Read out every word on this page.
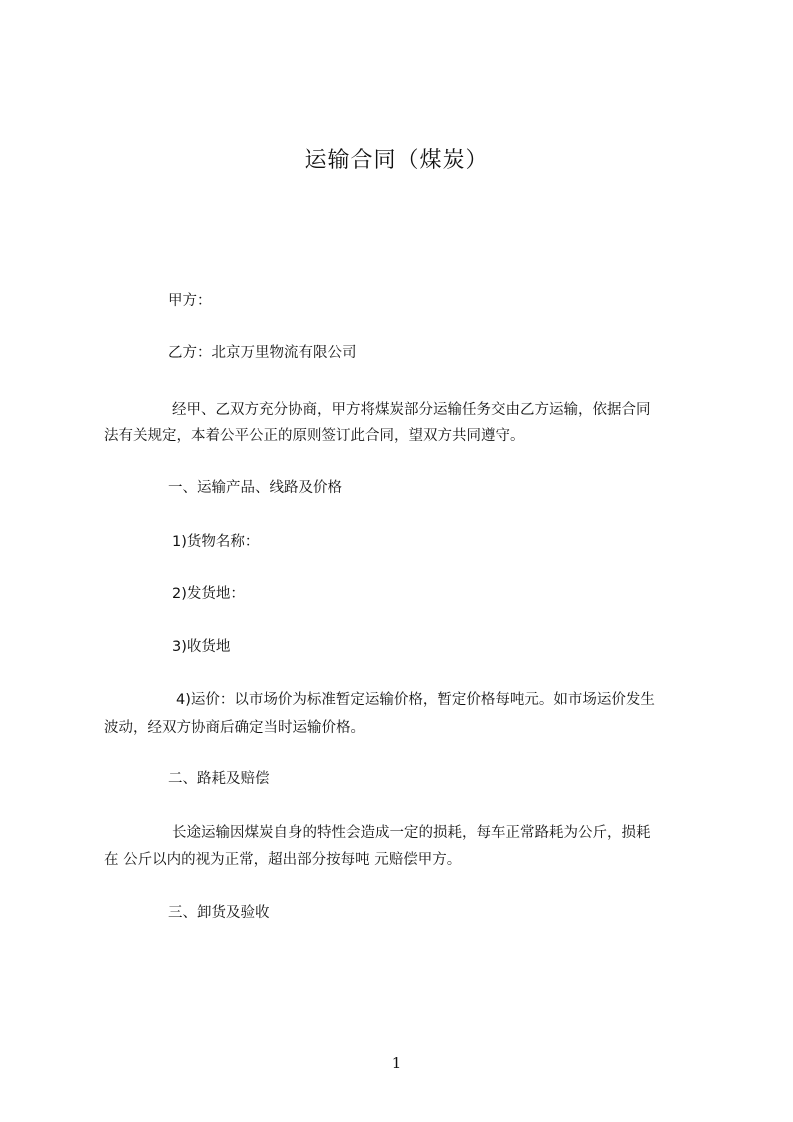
运输合同（煤炭）
甲方：
乙方：北京万里物流有限公司
经甲、乙双方充分协商，甲方将煤炭部分运输任务交由乙方运输，依据合同
法有关规定，本着公平公正的原则签订此合同，望双方共同遵守。
一、运输产品、线路及价格
1)货物名称：
2)发货地：
3)收货地
4)运价：以市场价为标准暂定运输价格，暂定价格每吨元。如市场运价发生
波动，经双方协商后确定当时运输价格。
二、路耗及赔偿
长途运输因煤炭自身的特性会造成一定的损耗，每车正常路耗为公斤，损耗
在 公斤以内的视为正常，超出部分按每吨 元赔偿甲方。
三、卸货及验收
1
